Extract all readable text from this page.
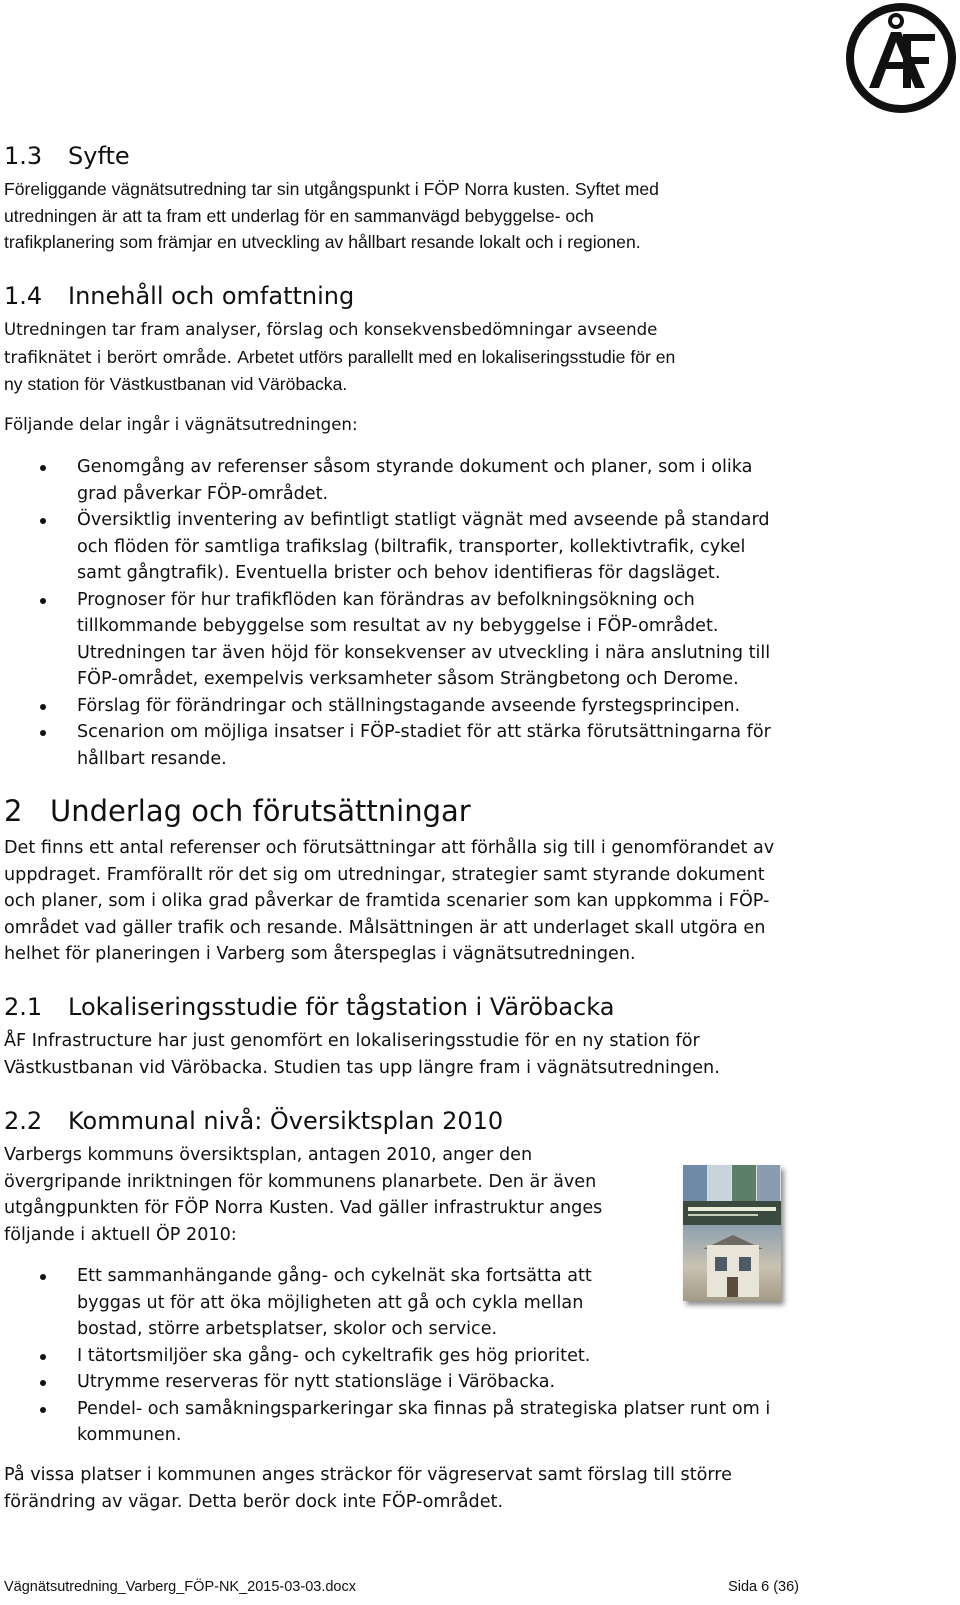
1.3 Syfte

Föreliggande vägnätsutredning tar sin utgångspunkt i FÖP Norra kusten. Syftet med

utredningen är att ta fram ett underlag för en sammanvägd bebyggelse- och

trafikplanering som främjar en utveckling av hållbart resande lokalt och i regionen.

1.4 Innehåll och omfattning

Utredningen tar fram analyser, förslag och konsekvensbedömningar avseende

trafiknätet i berört område. Arbetet utförs parallellt med en lokaliseringsstudie för en

ny station för Västkustbanan vid Väröbacka.

Följande delar ingår i vägnätsutredningen:

Genomgång av referenser såsom styrande dokument och planer, som i olika

grad påverkar FÖP-området.

Översiktlig inventering av befintligt statligt vägnät med avseende på standard

och flöden för samtliga trafikslag (biltrafik, transporter, kollektivtrafik, cykel

samt gångtrafik). Eventuella brister och behov identifieras för dagsläget.

Prognoser för hur trafikflöden kan förändras av befolkningsökning och

tillkommande bebyggelse som resultat av ny bebyggelse i FÖP-området.

Utredningen tar även höjd för konsekvenser av utveckling i nära anslutning till

FÖP-området, exempelvis verksamheter såsom Strängbetong och Derome.

Förslag för förändringar och ställningstagande avseende fyrstegsprincipen.

Scenarion om möjliga insatser i FÖP-stadiet för att stärka förutsättningarna för

hållbart resande.

2 Underlag och förutsättningar

Det finns ett antal referenser och förutsättningar att förhålla sig till i genomförandet av

uppdraget. Framförallt rör det sig om utredningar, strategier samt styrande dokument

och planer, som i olika grad påverkar de framtida scenarier som kan uppkomma i FÖP-

området vad gäller trafik och resande. Målsättningen är att underlaget skall utgöra en

helhet för planeringen i Varberg som återspeglas i vägnätsutredningen.

2.1 Lokaliseringsstudie för tågstation i Väröbacka

ÅF Infrastructure har just genomfört en lokaliseringsstudie för en ny station för

Västkustbanan vid Väröbacka. Studien tas upp längre fram i vägnätsutredningen.

2.2 Kommunal nivå: Översiktsplan 2010

Varbergs kommuns översiktsplan, antagen 2010, anger den

övergripande inriktningen för kommunens planarbete. Den är även

utgångpunkten för FÖP Norra Kusten. Vad gäller infrastruktur anges

följande i aktuell ÖP 2010:

Ett sammanhängande gång- och cykelnät ska fortsätta att

byggas ut för att öka möjligheten att gå och cykla mellan

bostad, större arbetsplatser, skolor och service.

I tätortsmiljöer ska gång- och cykeltrafik ges hög prioritet.

Utrymme reserveras för nytt stationsläge i Väröbacka.

Pendel- och samåkningsparkeringar ska finnas på strategiska platser runt om i

kommunen.

På vissa platser i kommunen anges sträckor för vägreservat samt förslag till större

förändring av vägar. Detta berör dock inte FÖP-området.

Vägnätsutredning_Varberg_FÖP-NK_2015-03-03.docx	Sida 6 (36)
